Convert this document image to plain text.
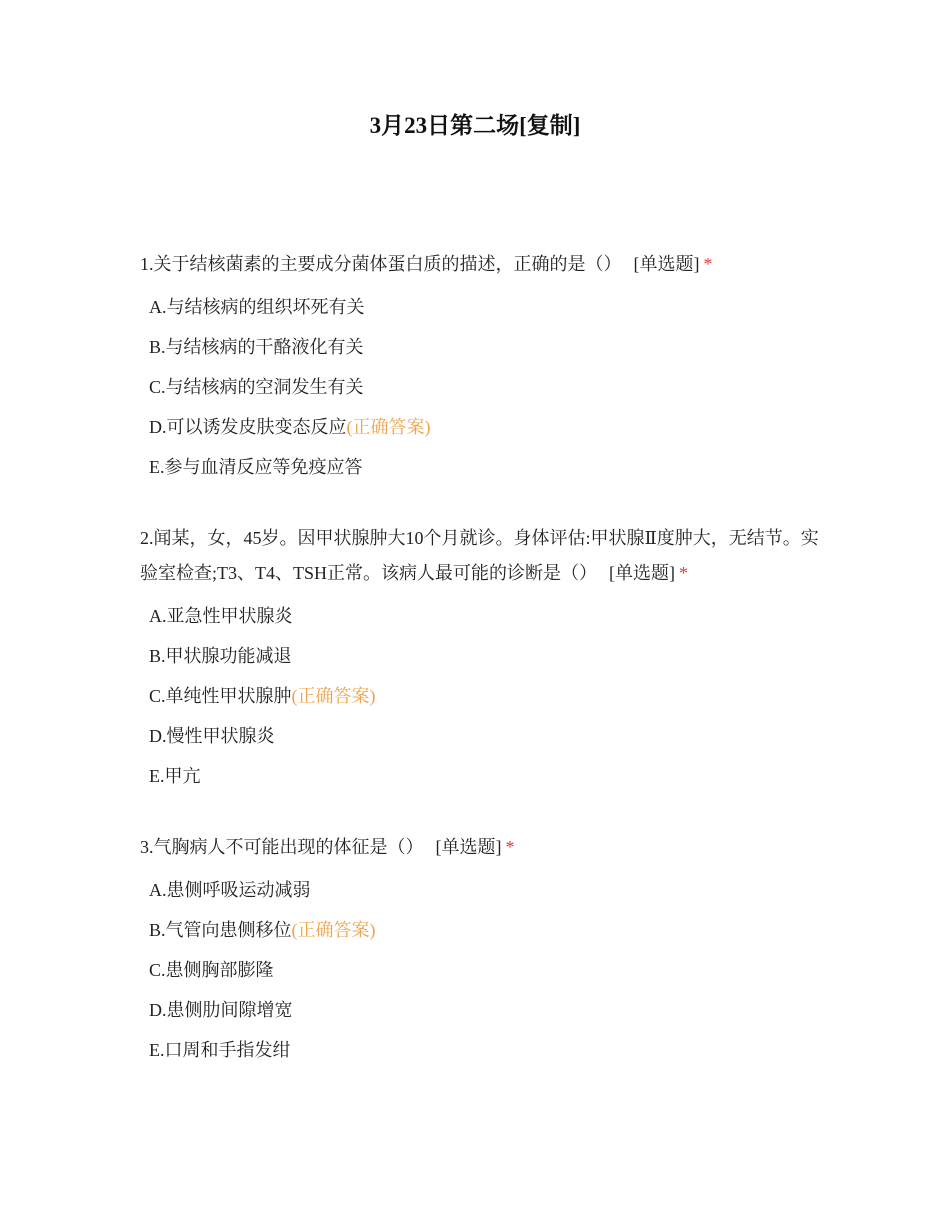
3月23日第二场[复制]
1.关于结核菌素的主要成分菌体蛋白质的描述，正确的是（） [单选题] *
A.与结核病的组织坏死有关
B.与结核病的干酪液化有关
C.与结核病的空洞发生有关
D.可以诱发皮肤变态反应(正确答案)
E.参与血清反应等免疫应答
2.闻某，女，45岁。因甲状腺肿大10个月就诊。身体评估:甲状腺Ⅱ度肿大，无结节。实验室检查;T3、T4、TSH正常。该病人最可能的诊断是（） [单选题] *
A.亚急性甲状腺炎
B.甲状腺功能减退
C.单纯性甲状腺肿(正确答案)
D.慢性甲状腺炎
E.甲亢
3.气胸病人不可能出现的体征是（） [单选题] *
A.患侧呼吸运动减弱
B.气管向患侧移位(正确答案)
C.患侧胸部膨隆
D.患侧肋间隙增宽
E.口周和手指发绀
